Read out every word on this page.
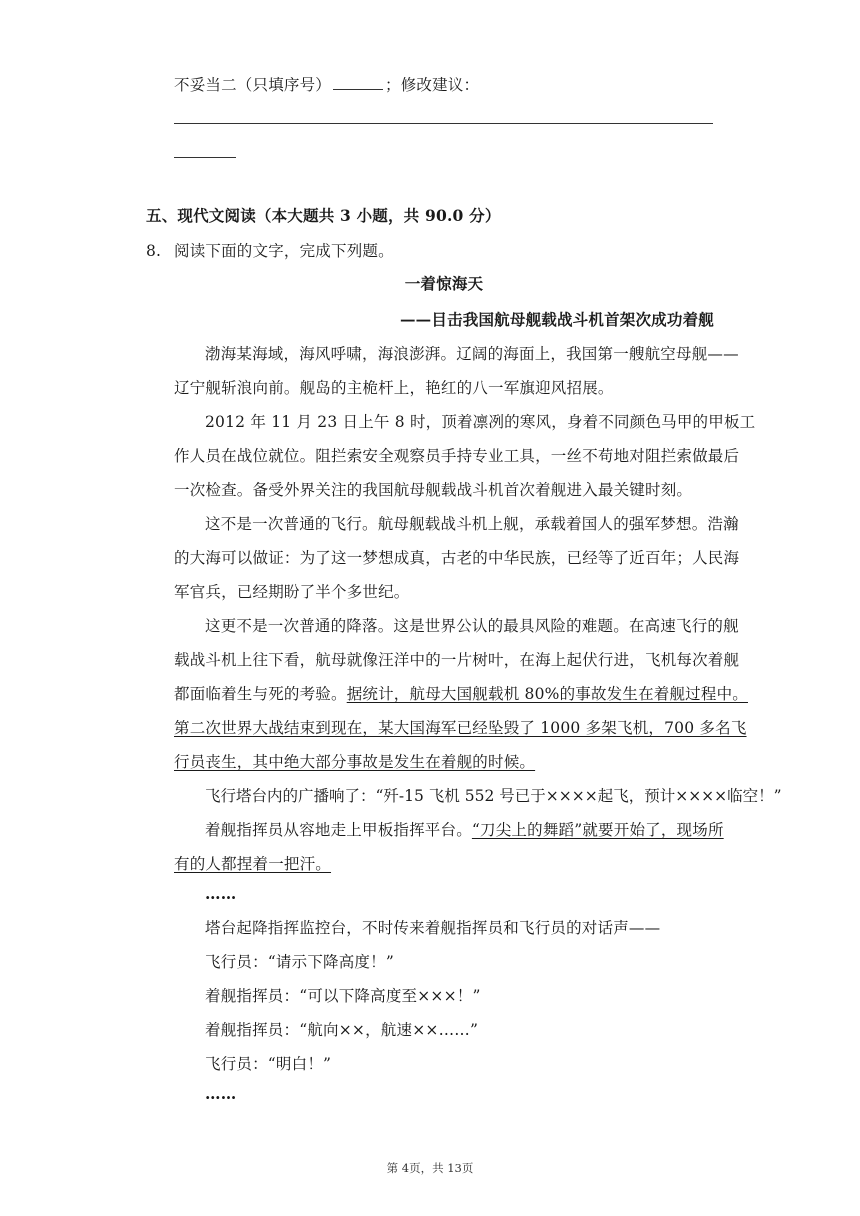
不妥当二（只填序号）	；修改建议：
五、现代文阅读（本大题共 3 小题，共 90.0 分）
8. 阅读下面的文字，完成下列题。
一着惊海天
——目击我国航母舰载战斗机首架次成功着舰
渤海某海域，海风呼啸，海浪澎湃。辽阔的海面上，我国第一艘航空母舰——
辽宁舰斩浪向前。舰岛的主桅杆上，艳红的八一军旗迎风招展。
2012 年 11 月 23 日上午 8 时，顶着凛冽的寒风，身着不同颜色马甲的甲板工
作人员在战位就位。阻拦索安全观察员手持专业工具，一丝不苟地对阻拦索做最后
一次检查。备受外界关注的我国航母舰载战斗机首次着舰进入最关键时刻。
这不是一次普通的飞行。航母舰载战斗机上舰，承载着国人的强军梦想。浩瀚
的大海可以做证：为了这一梦想成真，古老的中华民族，已经等了近百年；人民海
军官兵，已经期盼了半个多世纪。
这更不是一次普通的降落。这是世界公认的最具风险的难题。在高速飞行的舰
载战斗机上往下看，航母就像汪洋中的一片树叶，在海上起伏行进，飞机每次着舰
都面临着生与死的考验。据统计，航母大国舰载机 80%的事故发生在着舰过程中。
第二次世界大战结束到现在，某大国海军已经坠毁了 1000 多架飞机，700 多名飞
行员丧生，其中绝大部分事故是发生在着舰的时候。
飞行塔台内的广播响了：“歼-15 飞机 552 号已于××××起飞，预计××××临空！”
着舰指挥员从容地走上甲板指挥平台。“刀尖上的舞蹈”就要开始了，现场所
有的人都捏着一把汗。
……
塔台起降指挥监控台，不时传来着舰指挥员和飞行员的对话声——
飞行员：“请示下降高度！”
着舰指挥员：“可以下降高度至×××！”
着舰指挥员：“航向××，航速××……”
飞行员：“明白！”
……
第 4页，共 13页
